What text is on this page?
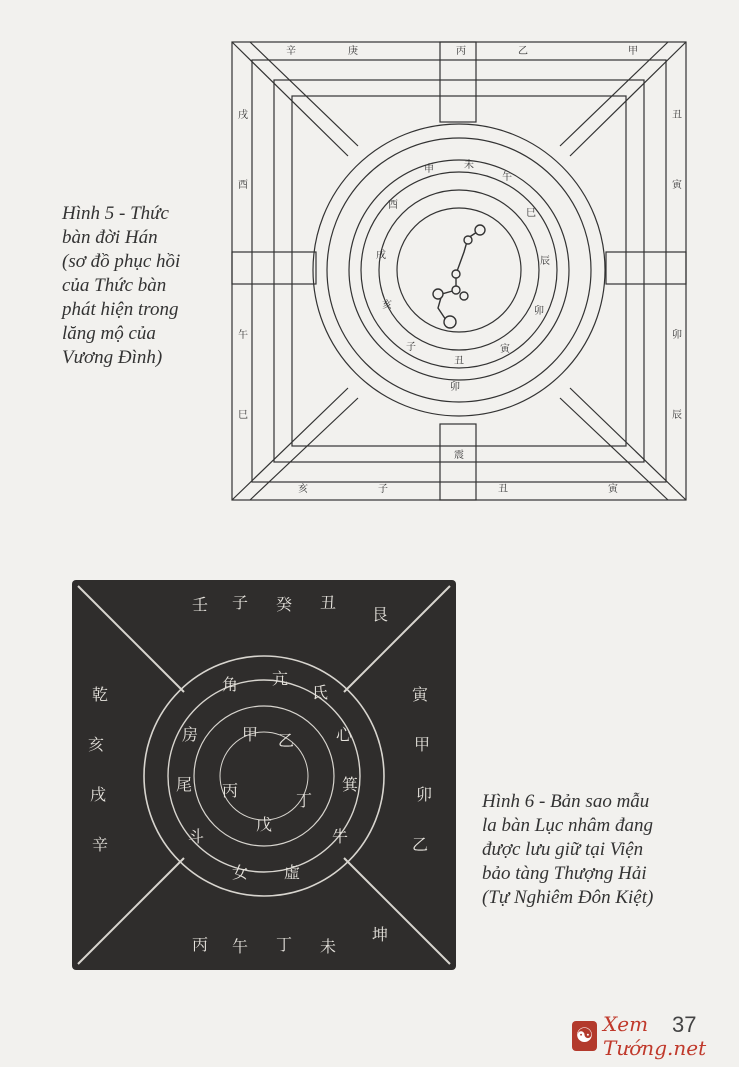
辛	庚	丙	乙	甲
戌
酉
午
巳
丑
寅
卯
辰
亥	子	丑	寅
申	未
午
酉
巳
戌
辰
亥
卯
子
丑
寅
卯
震

Hình 5 - Thức
bàn đời Hán
(sơ đồ phục hồi
của Thức bàn
phát hiện trong
lăng mộ của
Vương Đình)

壬 子 癸 丑
艮
乾
亥
戌
辛
寅
甲
卯
乙
丙 午 丁 未
坤
角 亢
氐
房	心
尾	箕
斗	牛
女 虛
甲 乙
丙
丁
戊

Hình 6 - Bản sao mẫu
la bàn Lục nhâm đang
được lưu giữ tại Viện
bảo tàng Thượng Hải
(Tự Nghiêm Đôn Kiệt)

☯ Xem Tướng.net
37
